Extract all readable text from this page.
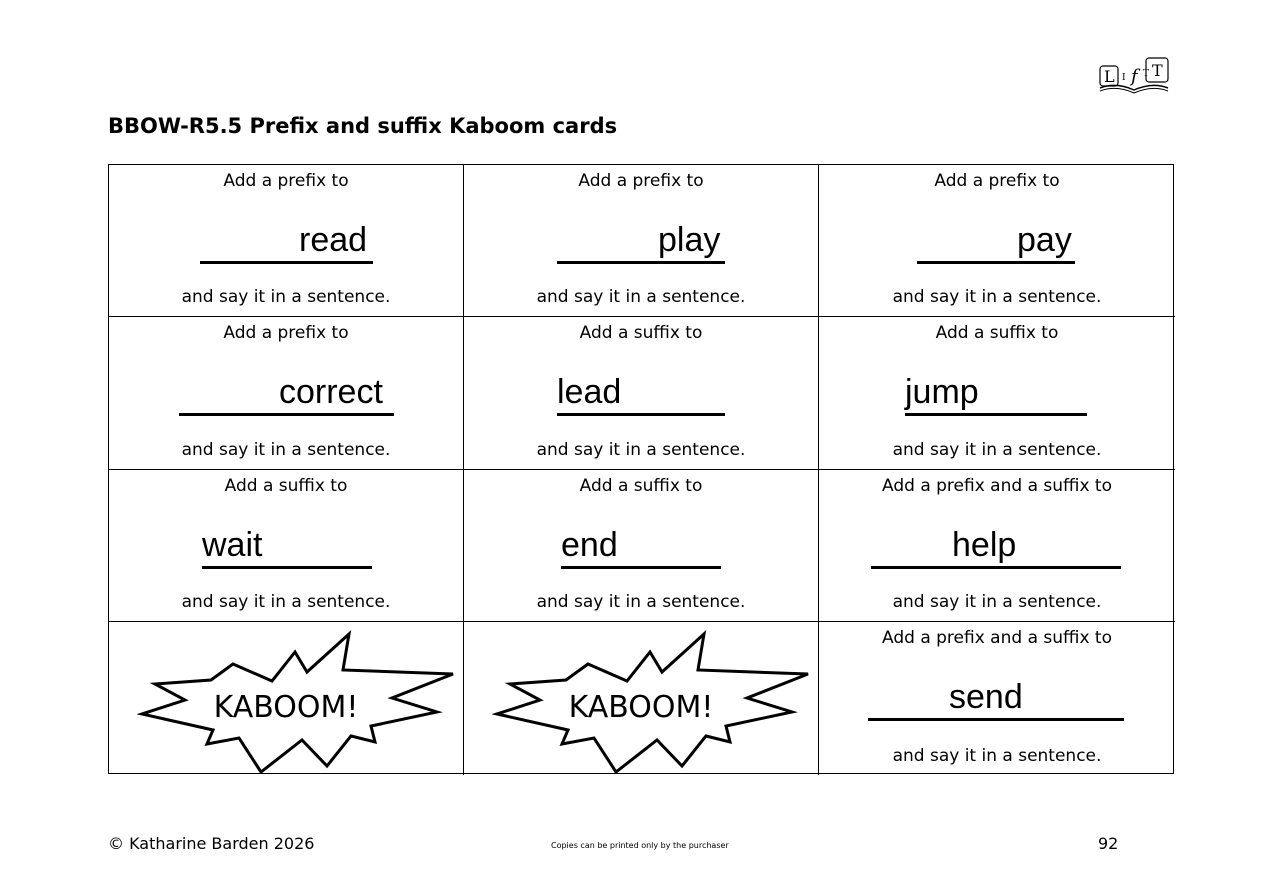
L I f T T
BBOW-R5.5 Prefix and suffix Kaboom cards
Add a prefix to
read
and say it in a sentence.
Add a prefix to
play
and say it in a sentence.
Add a prefix to
pay
and say it in a sentence.
Add a prefix to
correct
and say it in a sentence.
Add a suffix to
lead
and say it in a sentence.
Add a suffix to
jump
and say it in a sentence.
Add a suffix to
wait
and say it in a sentence.
Add a suffix to
end
and say it in a sentence.
Add a prefix and a suffix to
help
and say it in a sentence.
KABOOM!	KABOOM!
Add a prefix and a suffix to
send
and say it in a sentence.
© Katharine Barden 2026	Copies can be printed only by the purchaser	92
